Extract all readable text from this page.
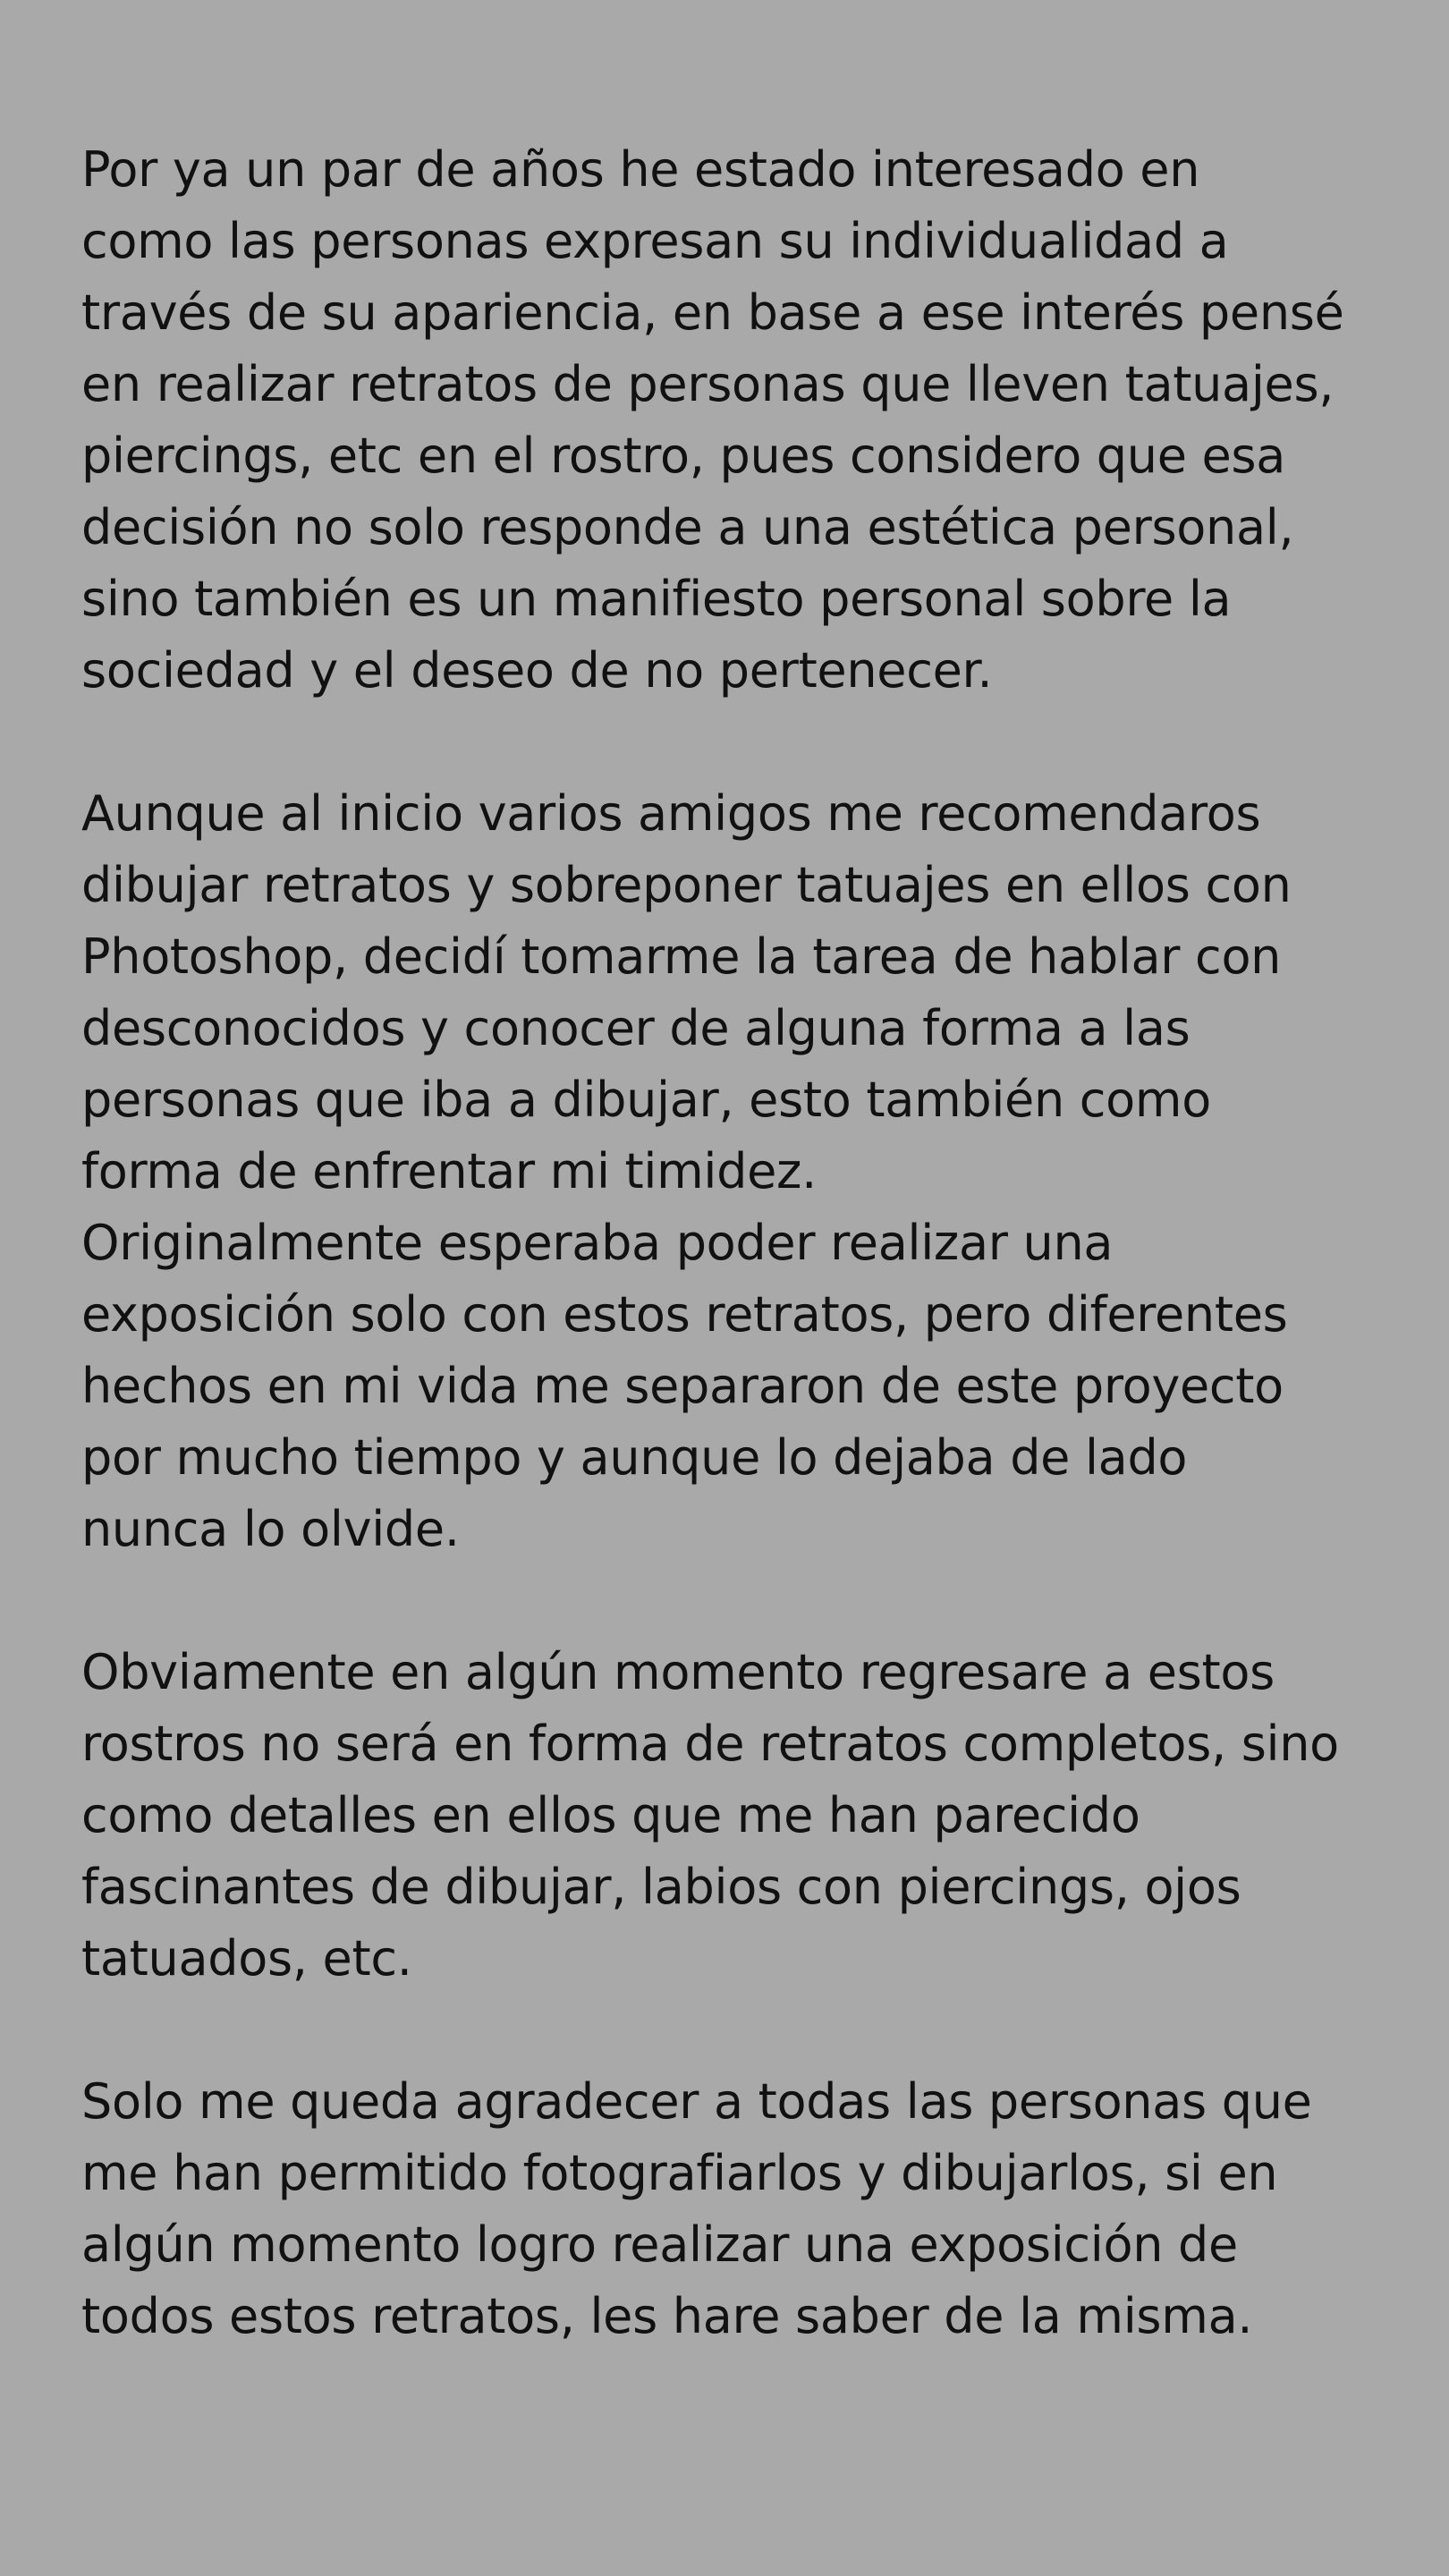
Por ya un par de años he estado interesado en
como las personas expresan su individualidad a
través de su apariencia, en base a ese interés pensé
en realizar retratos de personas que lleven tatuajes,
piercings, etc en el rostro, pues considero que esa
decisión no solo responde a una estética personal,
sino también es un manifiesto personal sobre la
sociedad y el deseo de no pertenecer.
Aunque al inicio varios amigos me recomendaros
dibujar retratos y sobreponer tatuajes en ellos con
Photoshop, decidí tomarme la tarea de hablar con
desconocidos y conocer de alguna forma a las
personas que iba a dibujar, esto también como
forma de enfrentar mi timidez.
Originalmente esperaba poder realizar una
exposición solo con estos retratos, pero diferentes
hechos en mi vida me separaron de este proyecto
por mucho tiempo y aunque lo dejaba de lado
nunca lo olvide.
Obviamente en algún momento regresare a estos
rostros no será en forma de retratos completos, sino
como detalles en ellos que me han parecido
fascinantes de dibujar, labios con piercings, ojos
tatuados, etc.
Solo me queda agradecer a todas las personas que
me han permitido fotografiarlos y dibujarlos, si en
algún momento logro realizar una exposición de
todos estos retratos, les hare saber de la misma.
